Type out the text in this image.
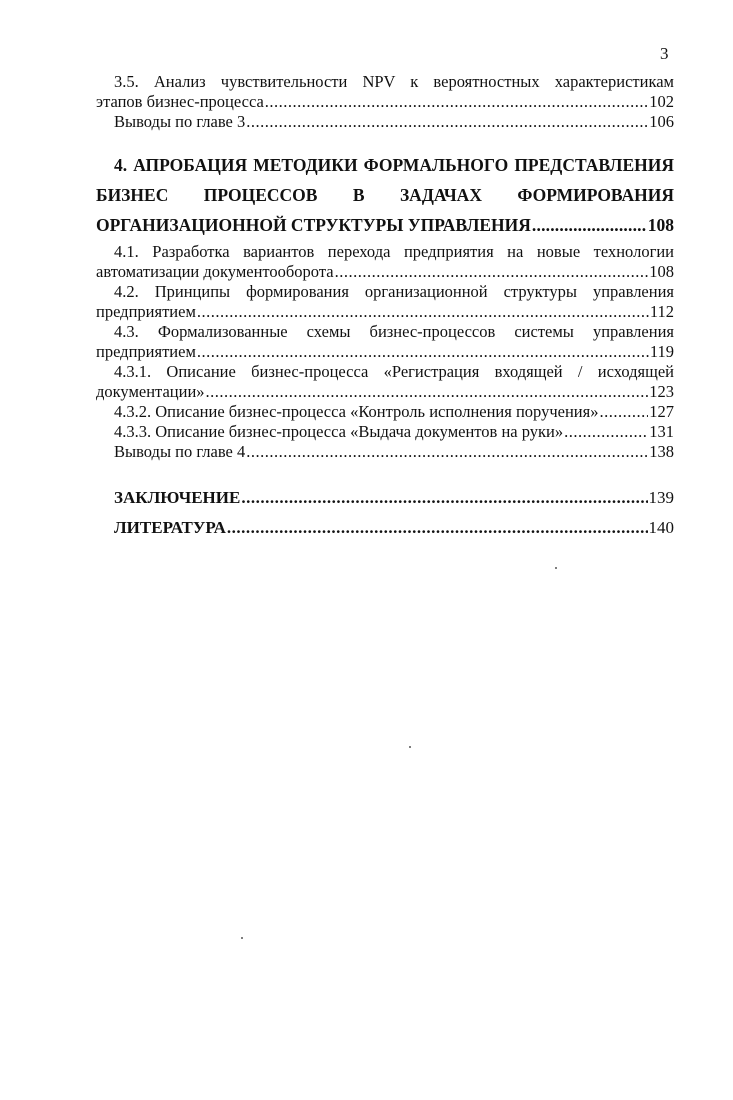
3
3.5. Анализ чувствительности NPV к вероятностных характеристикам
этапов бизнес-процесса .....	102
Выводы по главе 3 .....	106
4. АПРОБАЦИЯ МЕТОДИКИ ФОРМАЛЬНОГО ПРЕДСТАВЛЕНИЯ
БИЗНЕС ПРОЦЕССОВ В ЗАДАЧАХ ФОРМИРОВАНИЯ
ОРГАНИЗАЦИОННОЙ СТРУКТУРЫ УПРАВЛЕНИЯ .....	108
4.1. Разработка вариантов перехода предприятия на новые технологии
автоматизации документооборота .....	108
4.2. Принципы формирования организационной структуры управления
предприятием .....	112
4.3. Формализованные схемы бизнес-процессов системы управления
предприятием .....	119
4.3.1. Описание бизнес-процесса «Регистрация входящей / исходящей
документации» .....	123
4.3.2. Описание бизнес-процесса «Контроль исполнения поручения» .....	127
4.3.3. Описание бизнес-процесса «Выдача документов на руки» .....	131
Выводы по главе 4 .....	138
ЗАКЛЮЧЕНИЕ .....	139
ЛИТЕРАТУРА .....	140
